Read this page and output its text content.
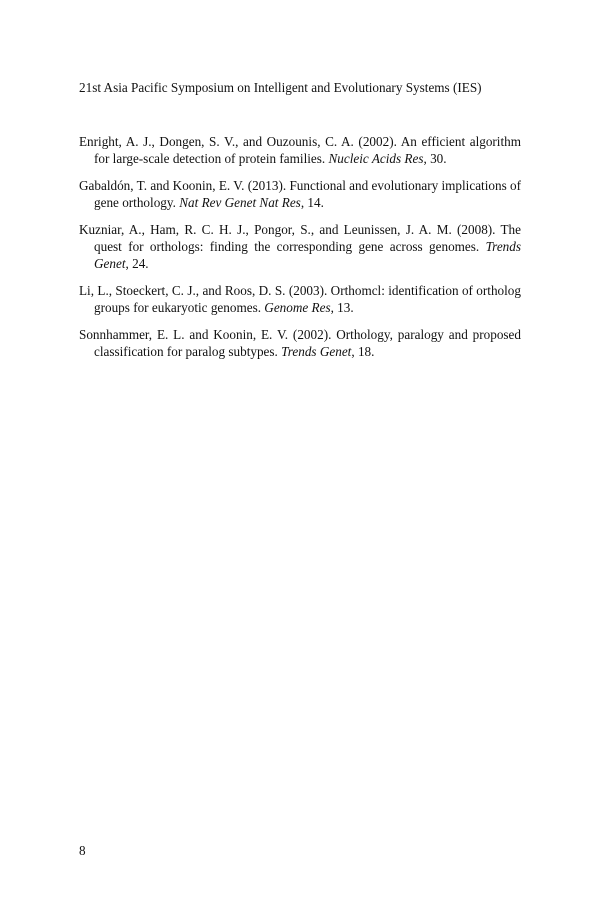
21st Asia Pacific Symposium on Intelligent and Evolutionary Systems (IES)
Enright, A. J., Dongen, S. V., and Ouzounis, C. A. (2002). An efficient algorithm for large-scale detection of protein families. Nucleic Acids Res, 30.
Gabaldón, T. and Koonin, E. V. (2013). Functional and evolutionary implications of gene orthology. Nat Rev Genet Nat Res, 14.
Kuzniar, A., Ham, R. C. H. J., Pongor, S., and Leunissen, J. A. M. (2008). The quest for orthologs: finding the corresponding gene across genomes. Trends Genet, 24.
Li, L., Stoeckert, C. J., and Roos, D. S. (2003). Orthomcl: identification of ortholog groups for eukaryotic genomes. Genome Res, 13.
Sonnhammer, E. L. and Koonin, E. V. (2002). Orthology, paralogy and proposed classification for paralog subtypes. Trends Genet, 18.
8
